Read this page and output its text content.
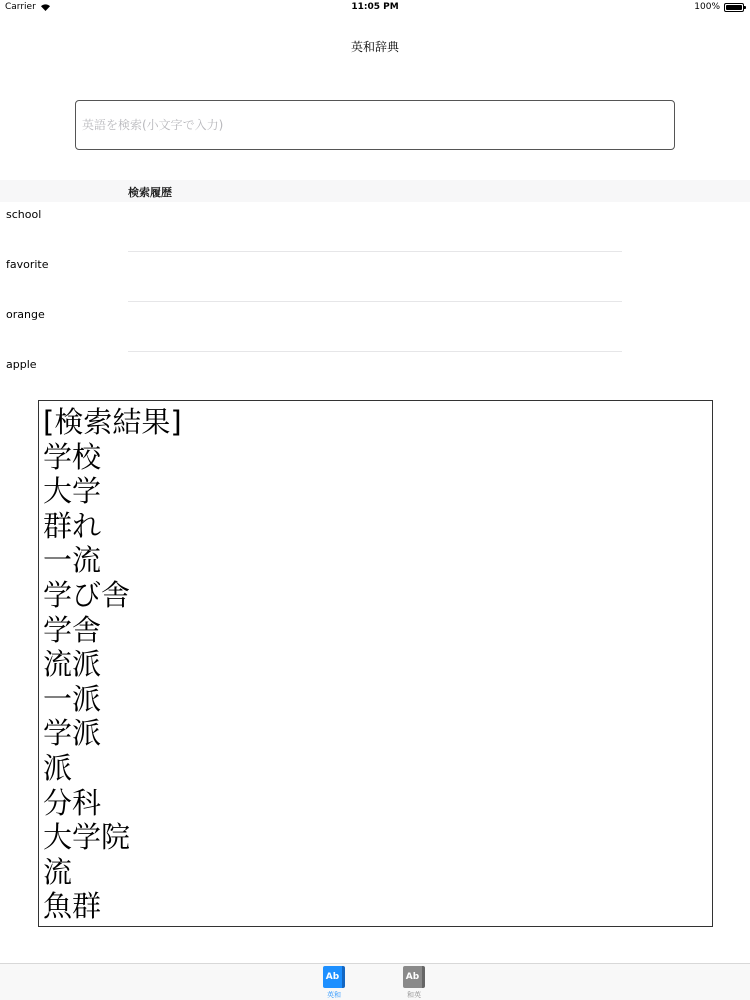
Carrier	11:05 PM	100%
英和辞典
英語を検索(小文字で入力)
検索履歴
school
favorite
orange
apple
[検索結果]
学校
大学
群れ
一流
学び舎
学舎
流派
一派
学派
派
分科
大学院
流
魚群
Ab
英和
Ab
和英
